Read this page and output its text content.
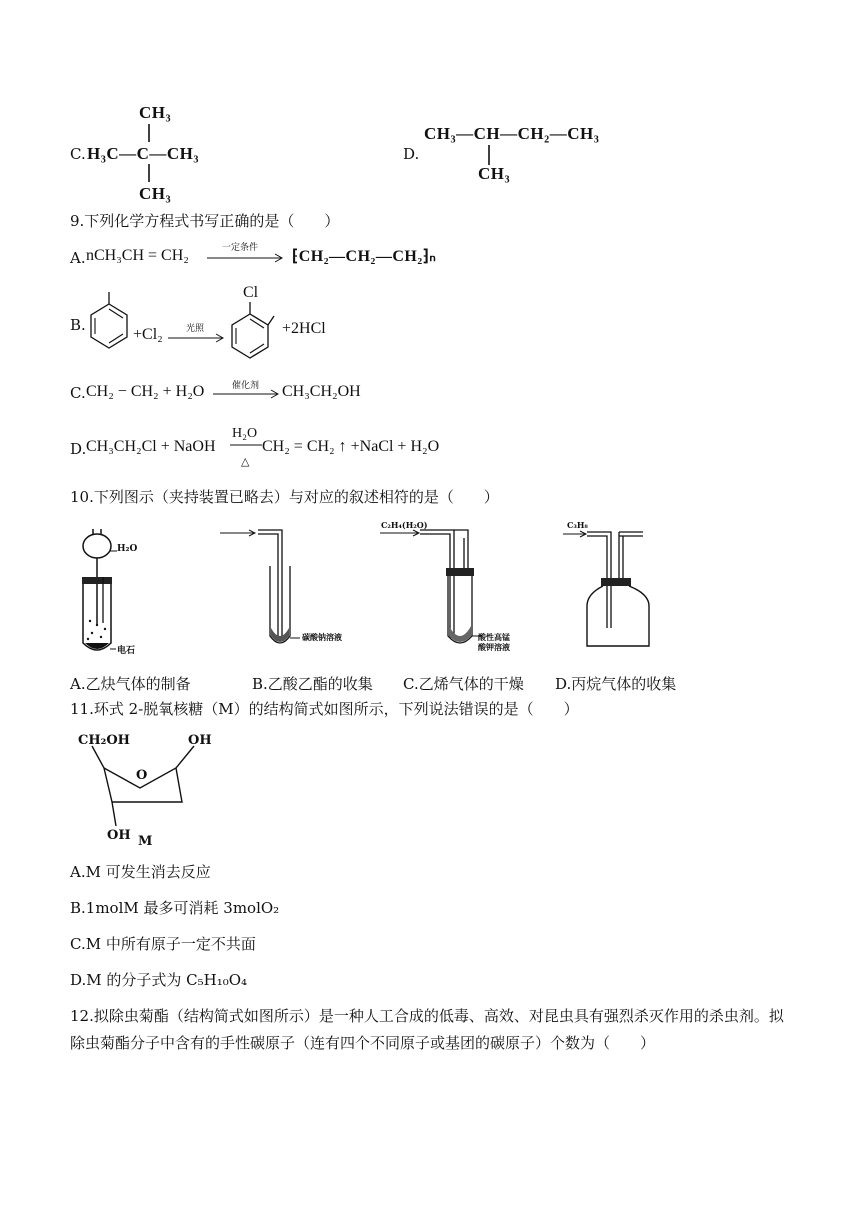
C.
CH₃
H₃C—C—CH₃
CH₃
D.
CH₃—CH—CH₂—CH₃
CH₃
9.下列化学方程式书写正确的是（　　）
A. nCH₃CH = CH₂	一定条件 ⁅CH₂—CH₂—CH₂⁆ₙ
B.
+Cl₂	光照
Cl
+2HCl
C. CH₂ − CH₂ + H₂O	催化剂 CH₃CH₂OH
D. CH₃CH₂Cl + NaOH
H₂O
△
CH₂ = CH₂ ↑ +NaCl + H₂O
10.下列图示（夹持装置已略去）与对应的叙述相符的是（　　）
H₂O
电石
碳酸钠溶液
C₂H₄(H₂O)
酸性高锰
酸钾溶液
C₃H₈
A.乙炔气体的制备	B.乙酸乙酯的收集 C.乙烯气体的干燥 D.丙烷气体的收集
11.环式 2-脱氧核糖（M）的结构简式如图所示，下列说法错误的是（　　）
CH₂OH
O
OH
OH M
A.M 可发生消去反应
B.1molM 最多可消耗 3molO₂
C.M 中所有原子一定不共面
D.M 的分子式为 C₅H₁₀O₄
12.拟除虫菊酯（结构简式如图所示）是一种人工合成的低毒、高效、对昆虫具有强烈杀灭作用的杀虫剂。拟
除虫菊酯分子中含有的手性碳原子（连有四个不同原子或基团的碳原子）个数为（　　）
